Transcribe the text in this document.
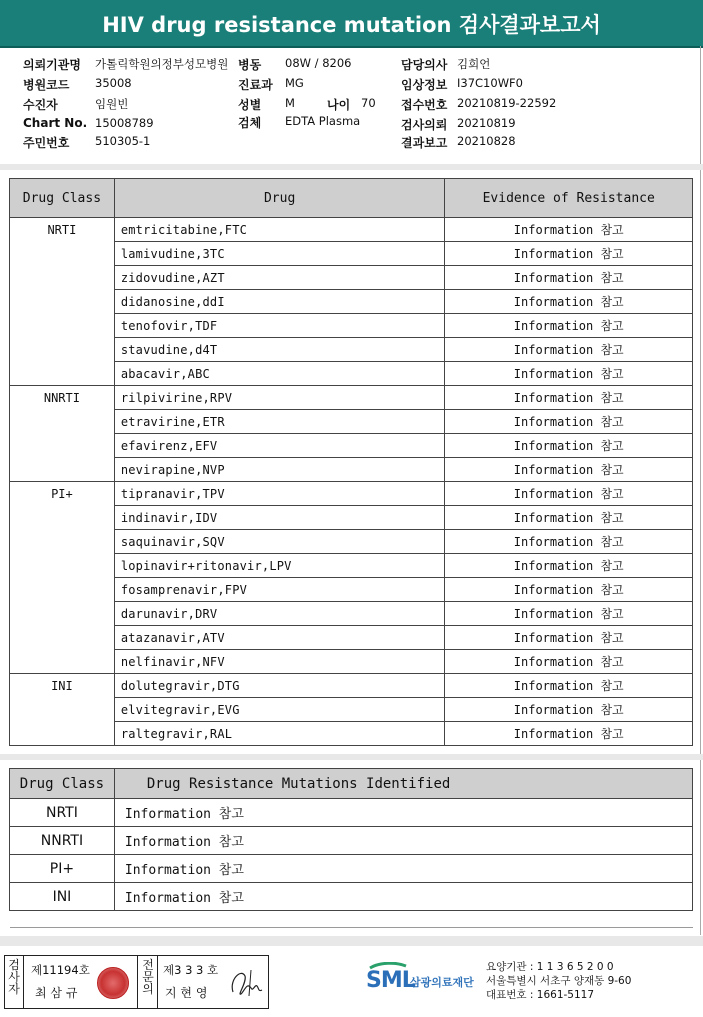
HIV drug resistance mutation 검사결과보고서
의뢰기관명 가톨릭학원의정부성모병원 병동 08W / 8206	담당의사 김희언
병원코드 35008	진료과 MG	임상정보 I37C10WF0
수진자	임원빈	성별 M	나이 70 접수번호 20210819-22592
Chart No. 15008789	검체 EDTA Plasma	검사의뢰 20210819
주민번호 510305-1	결과보고 20210828
Drug Class	Drug	Evidence of Resistance
NRTI	emtricitabine,FTC	Information 참고
	lamivudine,3TC	Information 참고
	zidovudine,AZT	Information 참고
	didanosine,ddI	Information 참고
	tenofovir,TDF	Information 참고
	stavudine,d4T	Information 참고
	abacavir,ABC	Information 참고
NNRTI	rilpivirine,RPV	Information 참고
	etravirine,ETR	Information 참고
	efavirenz,EFV	Information 참고
	nevirapine,NVP	Information 참고
PI+	tipranavir,TPV	Information 참고
	indinavir,IDV	Information 참고
	saquinavir,SQV	Information 참고
	lopinavir+ritonavir,LPV	Information 참고
	fosamprenavir,FPV	Information 참고
	darunavir,DRV	Information 참고
	atazanavir,ATV	Information 참고
	nelfinavir,NFV	Information 참고
INI	dolutegravir,DTG	Information 참고
	elvitegravir,EVG	Information 참고
	raltegravir,RAL	Information 참고
Drug Class	Drug Resistance Mutations Identified
NRTI	Information 참고
NNRTI	Information 참고
PI+	Information 참고
INI	Information 참고
검
사
자
제11194호
최 삼 규
전
문
의
제3 3 3 호
지 현 영	SML
삼광의료재단
요양기관 : 1 1 3 6 5 2 0 0
서울특별시 서초구 양재동 9-60
대표번호 : 1661-5117
